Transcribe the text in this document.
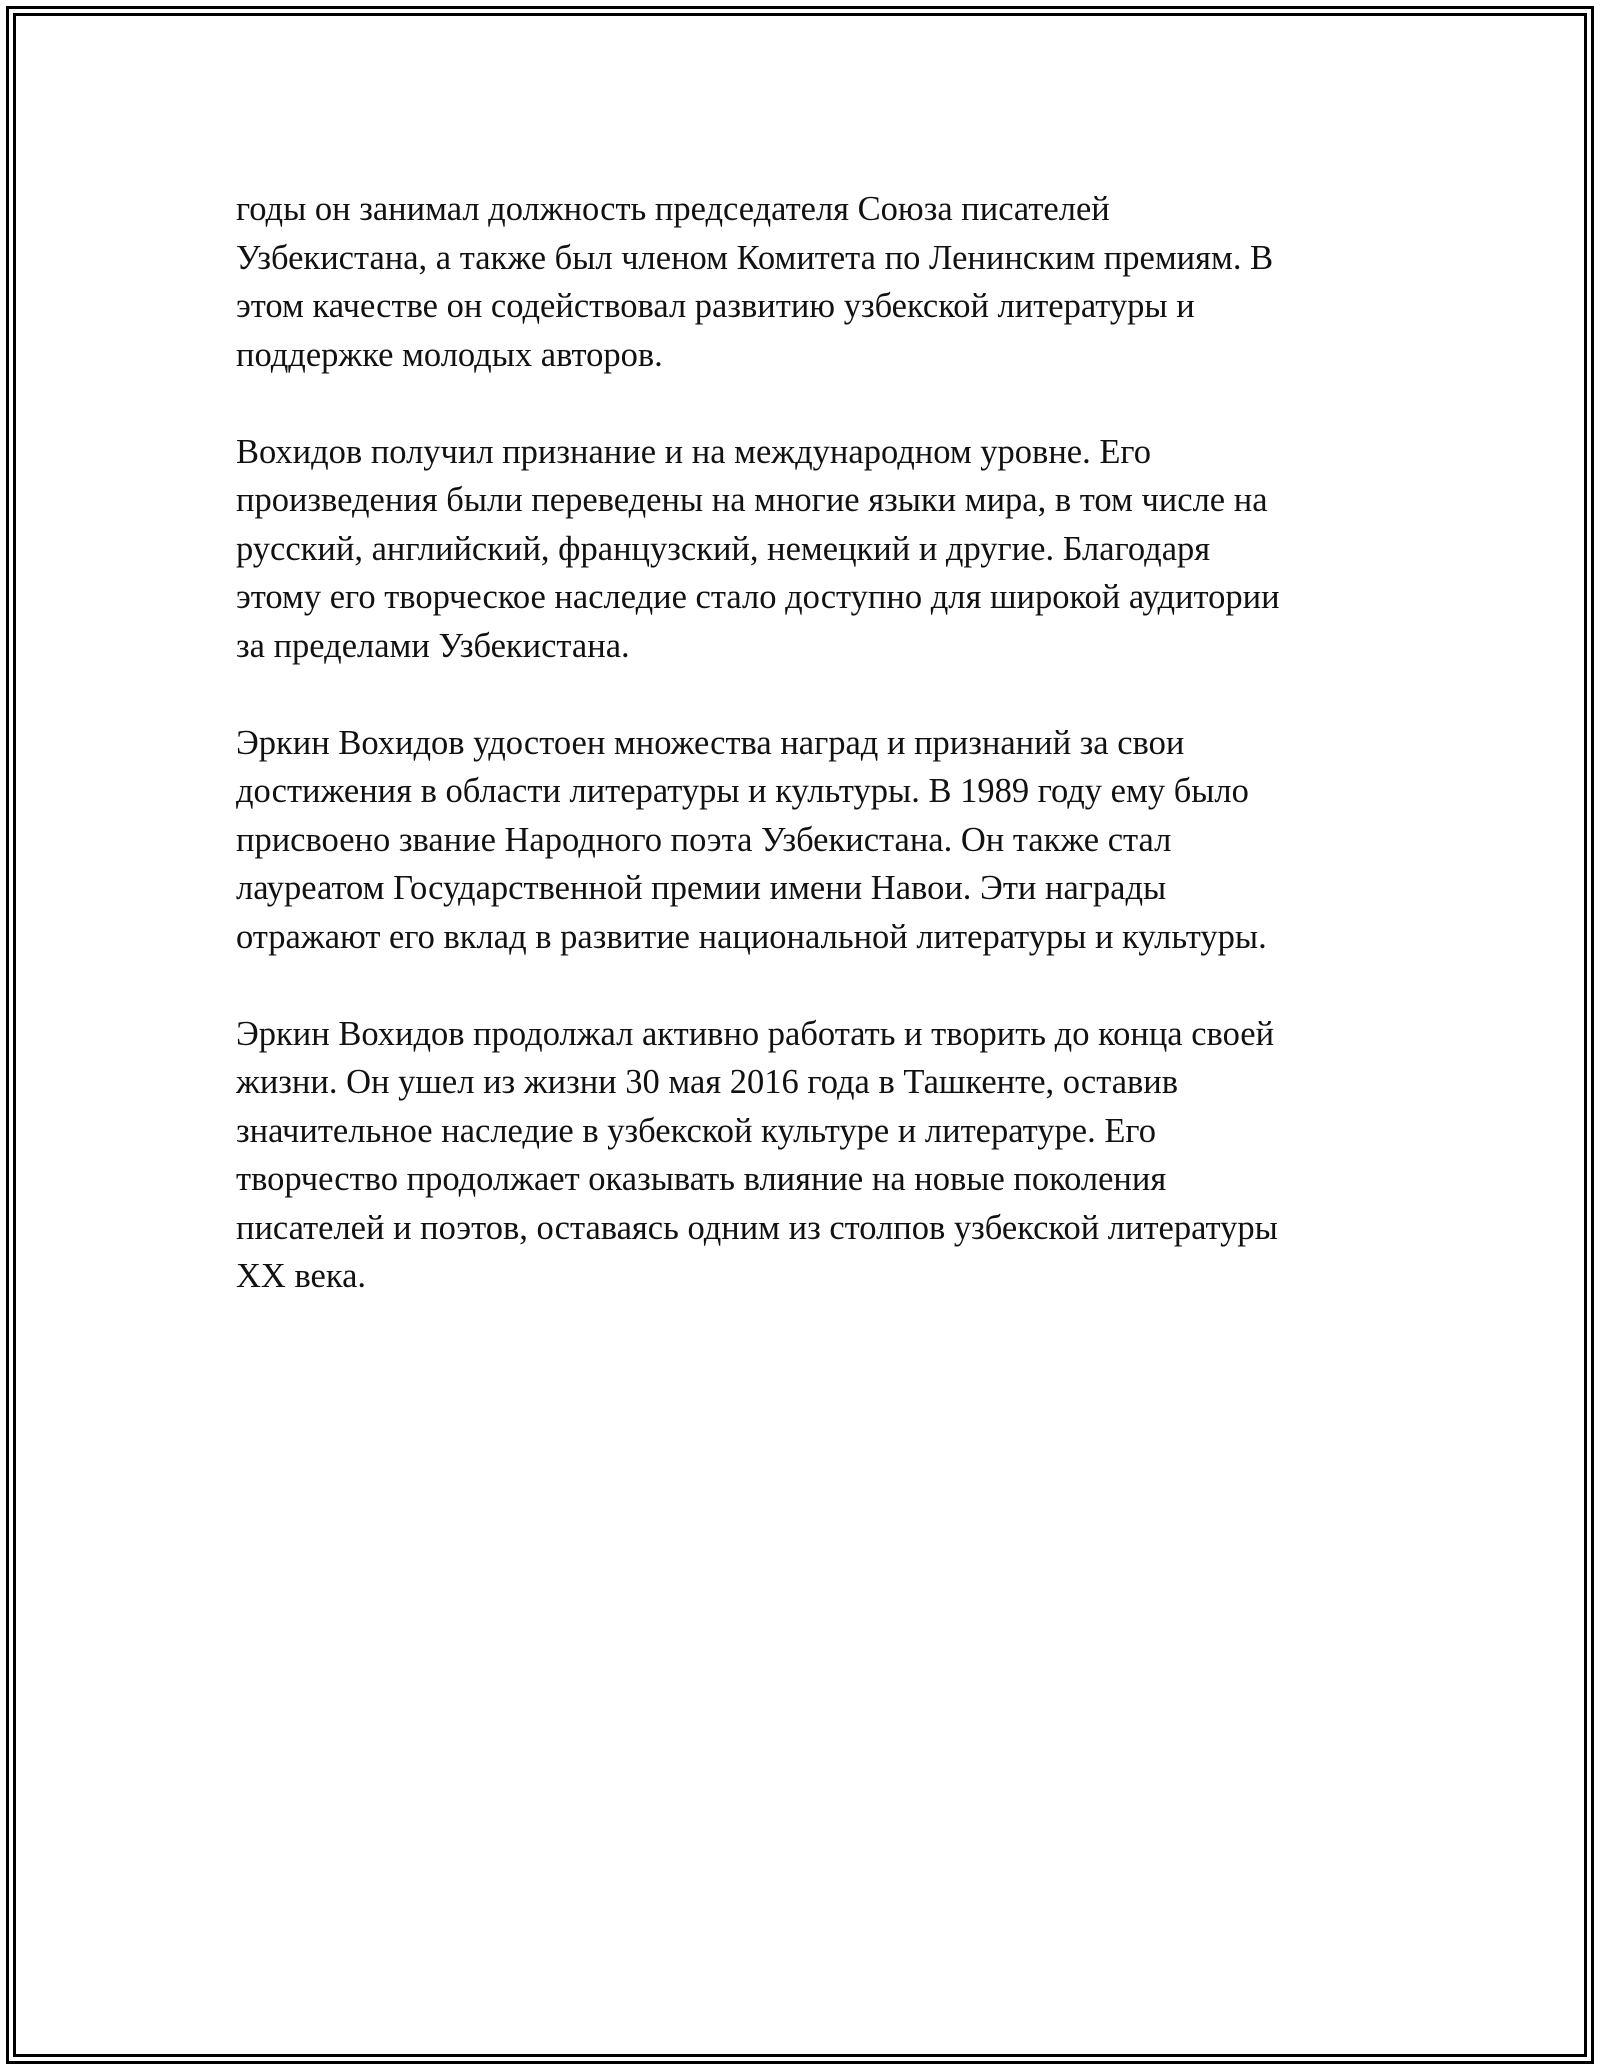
годы он занимал должность председателя Союза писателей
Узбекистана, а также был членом Комитета по Ленинским премиям. В
этом качестве он содействовал развитию узбекской литературы и
поддержке молодых авторов.

Вохидов получил признание и на международном уровне. Его
произведения были переведены на многие языки мира, в том числе на
русский, английский, французский, немецкий и другие. Благодаря
этому его творческое наследие стало доступно для широкой аудитории
за пределами Узбекистана.

Эркин Вохидов удостоен множества наград и признаний за свои
достижения в области литературы и культуры. В 1989 году ему было
присвоено звание Народного поэта Узбекистана. Он также стал
лауреатом Государственной премии имени Навои. Эти награды
отражают его вклад в развитие национальной литературы и культуры.

Эркин Вохидов продолжал активно работать и творить до конца своей
жизни. Он ушел из жизни 30 мая 2016 года в Ташкенте, оставив
значительное наследие в узбекской культуре и литературе. Его
творчество продолжает оказывать влияние на новые поколения
писателей и поэтов, оставаясь одним из столпов узбекской литературы
XX века.
